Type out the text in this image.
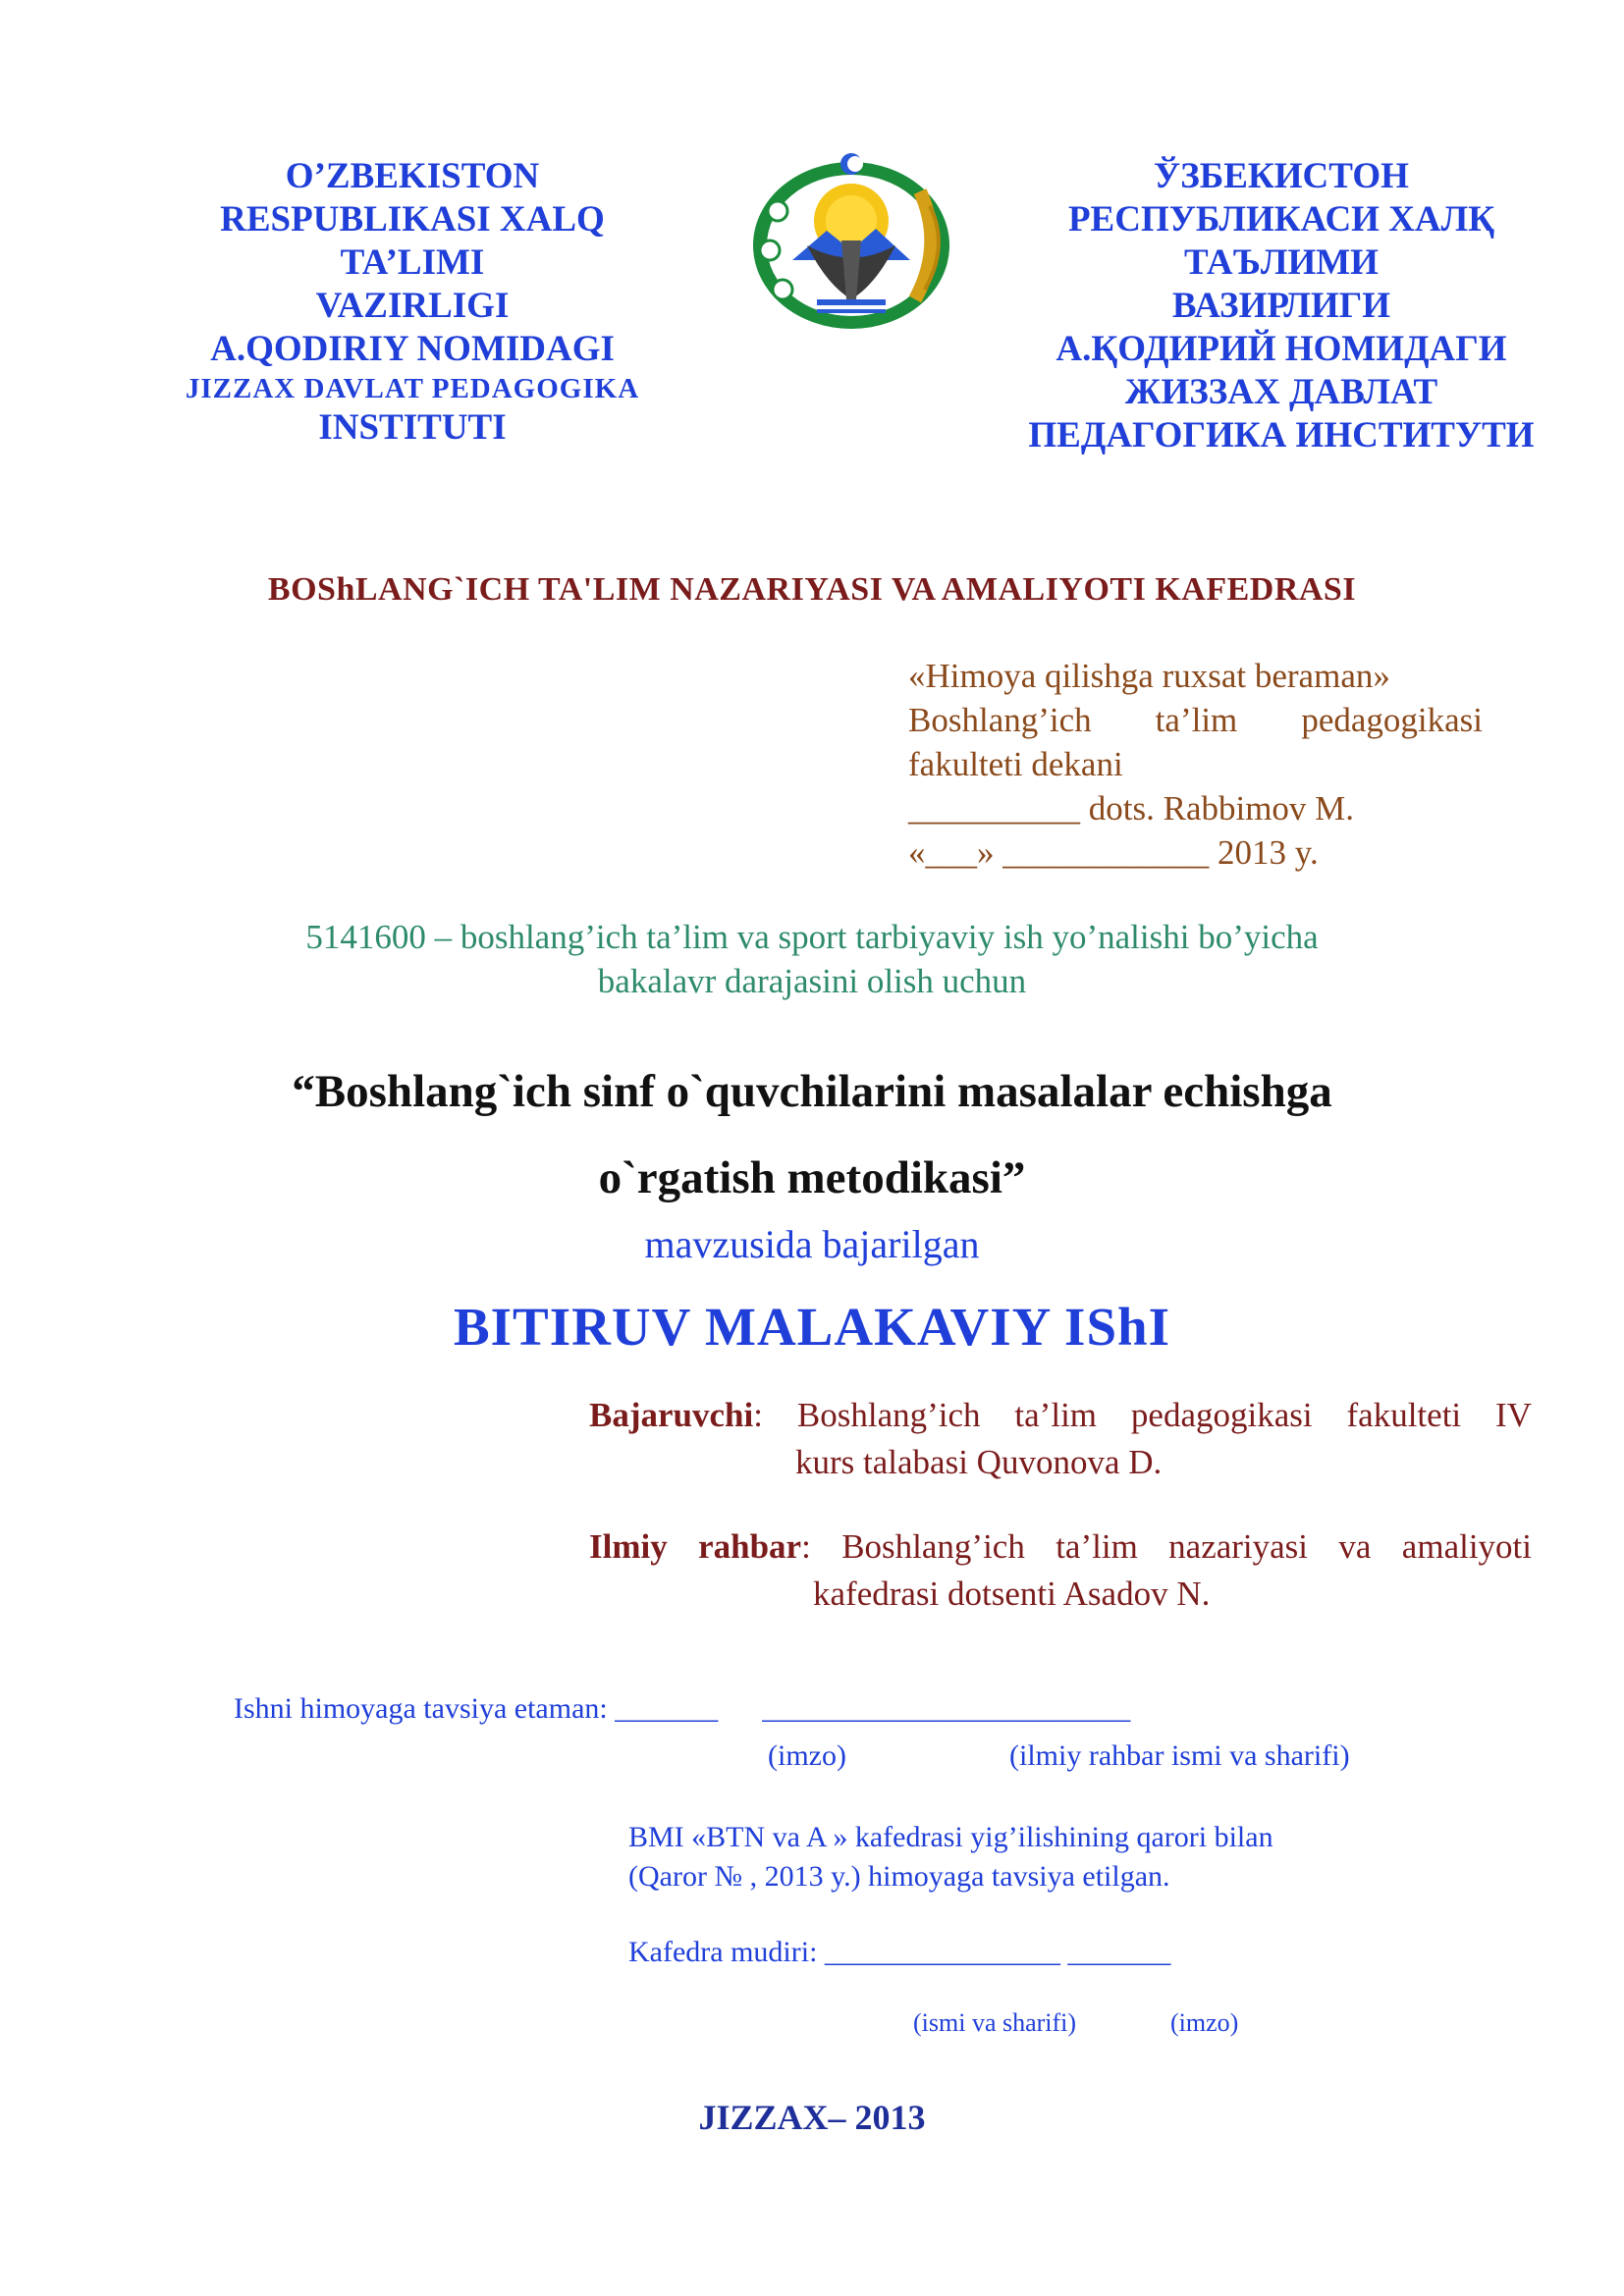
O’ZBEKISTON
RESPUBLIKASI XALQ
TA’LIMI
VAZIRLIGI
A.QODIRIY NOMIDAGI
JIZZAX DAVLAT PEDAGOGIKA
INSTITUTI
ЎЗБЕКИСТОН
РЕСПУБЛИКАСИ ХАЛҚ
ТАЪЛИМИ
ВАЗИРЛИГИ
А.ҚОДИРИЙ НОМИДАГИ
ЖИЗЗАХ ДАВЛАТ
ПЕДАГОГИКА ИНСТИТУТИ
BOShLANG`ICH TA'LIM NAZARIYASI VA AMALIYOTI KAFEDRASI
«Himoya qilishga ruxsat beraman»
Boshlang’ich ta’lim pedagogikasi
fakulteti dekani
__________ dots. Rabbimov M.
«___» ____________ 2013 y.
5141600 – boshlang’ich ta’lim va sport tarbiyaviy ish yo’nalishi bo’yicha
bakalavr darajasini olish uchun
“Boshlang`ich sinf o`quvchilarini masalalar echishga
o`rgatish metodikasi”
mavzusida bajarilgan
BITIRUV MALAKAVIY IShI
Bajaruvchi: Boshlang’ich ta’lim pedagogikasi fakulteti IV
kurs talabasi Quvonova D.
Ilmiy rahbar: Boshlang’ich ta’lim nazariyasi va amaliyoti
kafedrasi dotsenti Asadov N.
Ishni himoyaga tavsiya etaman: _______      _________________________
(imzo)	(ilmiy rahbar ismi va sharifi)
BMI «BTN va A » kafedrasi yig’ilishining qarori bilan
(Qaror № , 2013 y.) himoyaga tavsiya etilgan.
Kafedra mudiri: ________________ _______
(ismi va sharifi)	(imzo)
JIZZAX– 2013
